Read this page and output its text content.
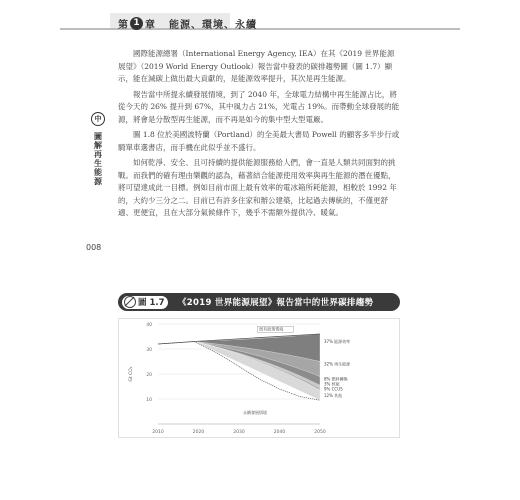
第 1 章 能源、環境、永續
中
圖解再生能源
008

國際能源總署（International Energy Agency, IEA）在其《2019 世界能源展望》（2019 World Energy Outlook）報告當中發表的碳排趨勢圖（圖 1.7）顯示，能在減碳上做出最大貢獻的，是能源效率提升，其次是再生能源。

報告當中所提永續發展情境，到了 2040 年，全球電力結構中再生能源占比，將從今天的 26% 提升到 67%，其中風力占 21%，光電占 19%。而帶動全球發展的能源，將會是分散型再生能源，而不再是如今的集中型大型電廠。

圖 1.8 位於美國波特蘭（Portland）的全美最大書局 Powell 的顧客多半步行或騎單車選書店，而手機在此似乎並不盛行。

如何乾淨、安全、且可持續的提供能源服務給人們，會一直是人類共同面對的挑戰。而我們的確有理由樂觀的認為，藉著結合能源使用效率與再生能源的潛在優點，將可望達成此一目標。例如目前市面上最有效率的電冰箱所耗能源，相較於 1992 年的，大約少三分之二。目前已有許多住家和辦公建築，比起過去傳統的，不僅更舒適、更便宜，且在大部分氣候條件下，幾乎不需額外提供冷、暖氣。

圖 1.7 《2019 世界能源展望》報告當中的世界碳排趨勢
10
20
30
40
Gt CO₂
2010	2020	2030	2040	2050
既有政策情境
永續發展情境
37% 能源效率
32% 再生能源
8% 燃料轉換
3% 核能
9% CCUS
12% 其他
